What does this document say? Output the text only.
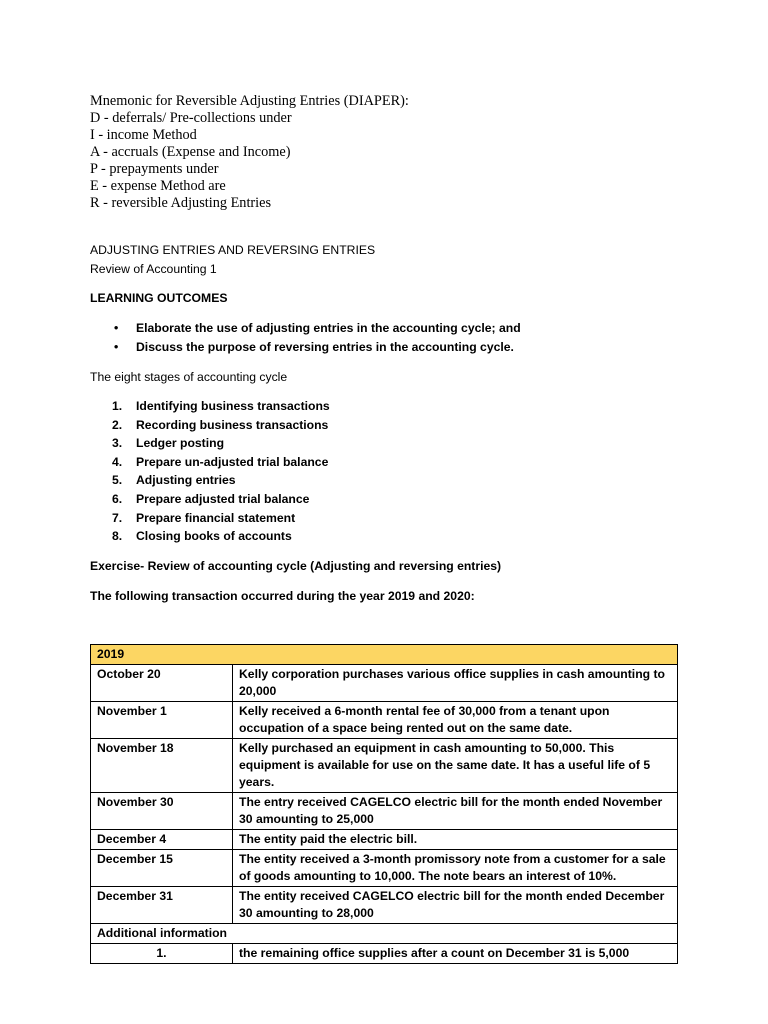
Mnemonic for Reversible Adjusting Entries (DIAPER):
D - deferrals/ Pre-collections under
I - income Method
A - accruals (Expense and Income)
P - prepayments under
E - expense Method are
R - reversible Adjusting Entries
ADJUSTING ENTRIES AND REVERSING ENTRIES
Review of Accounting 1
LEARNING OUTCOMES
• Elaborate the use of adjusting entries in the accounting cycle; and
• Discuss the purpose of reversing entries in the accounting cycle.
The eight stages of accounting cycle
1. Identifying business transactions
2. Recording business transactions
3. Ledger posting
4. Prepare un-adjusted trial balance
5. Adjusting entries
6. Prepare adjusted trial balance
7. Prepare financial statement
8. Closing books of accounts
Exercise- Review of accounting cycle (Adjusting and reversing entries)
The following transaction occurred during the year 2019 and 2020:
2019	
October 20	Kelly corporation purchases various office supplies in cash amounting to 20,000
November 1	Kelly received a 6-month rental fee of 30,000 from a tenant upon occupation of a space being rented out on the same date.
November 18	Kelly purchased an equipment in cash amounting to 50,000. This equipment is available for use on the same date. It has a useful life of 5 years.
November 30	The entry received CAGELCO electric bill for the month ended November 30 amounting to 25,000
December 4	The entity paid the electric bill.
December 15	The entity received a 3-month promissory note from a customer for a sale of goods amounting to 10,000. The note bears an interest of 10%.
December 31	The entity received CAGELCO electric bill for the month ended December 30 amounting to 28,000
Additional information	
1.	the remaining office supplies after a count on December 31 is 5,000
